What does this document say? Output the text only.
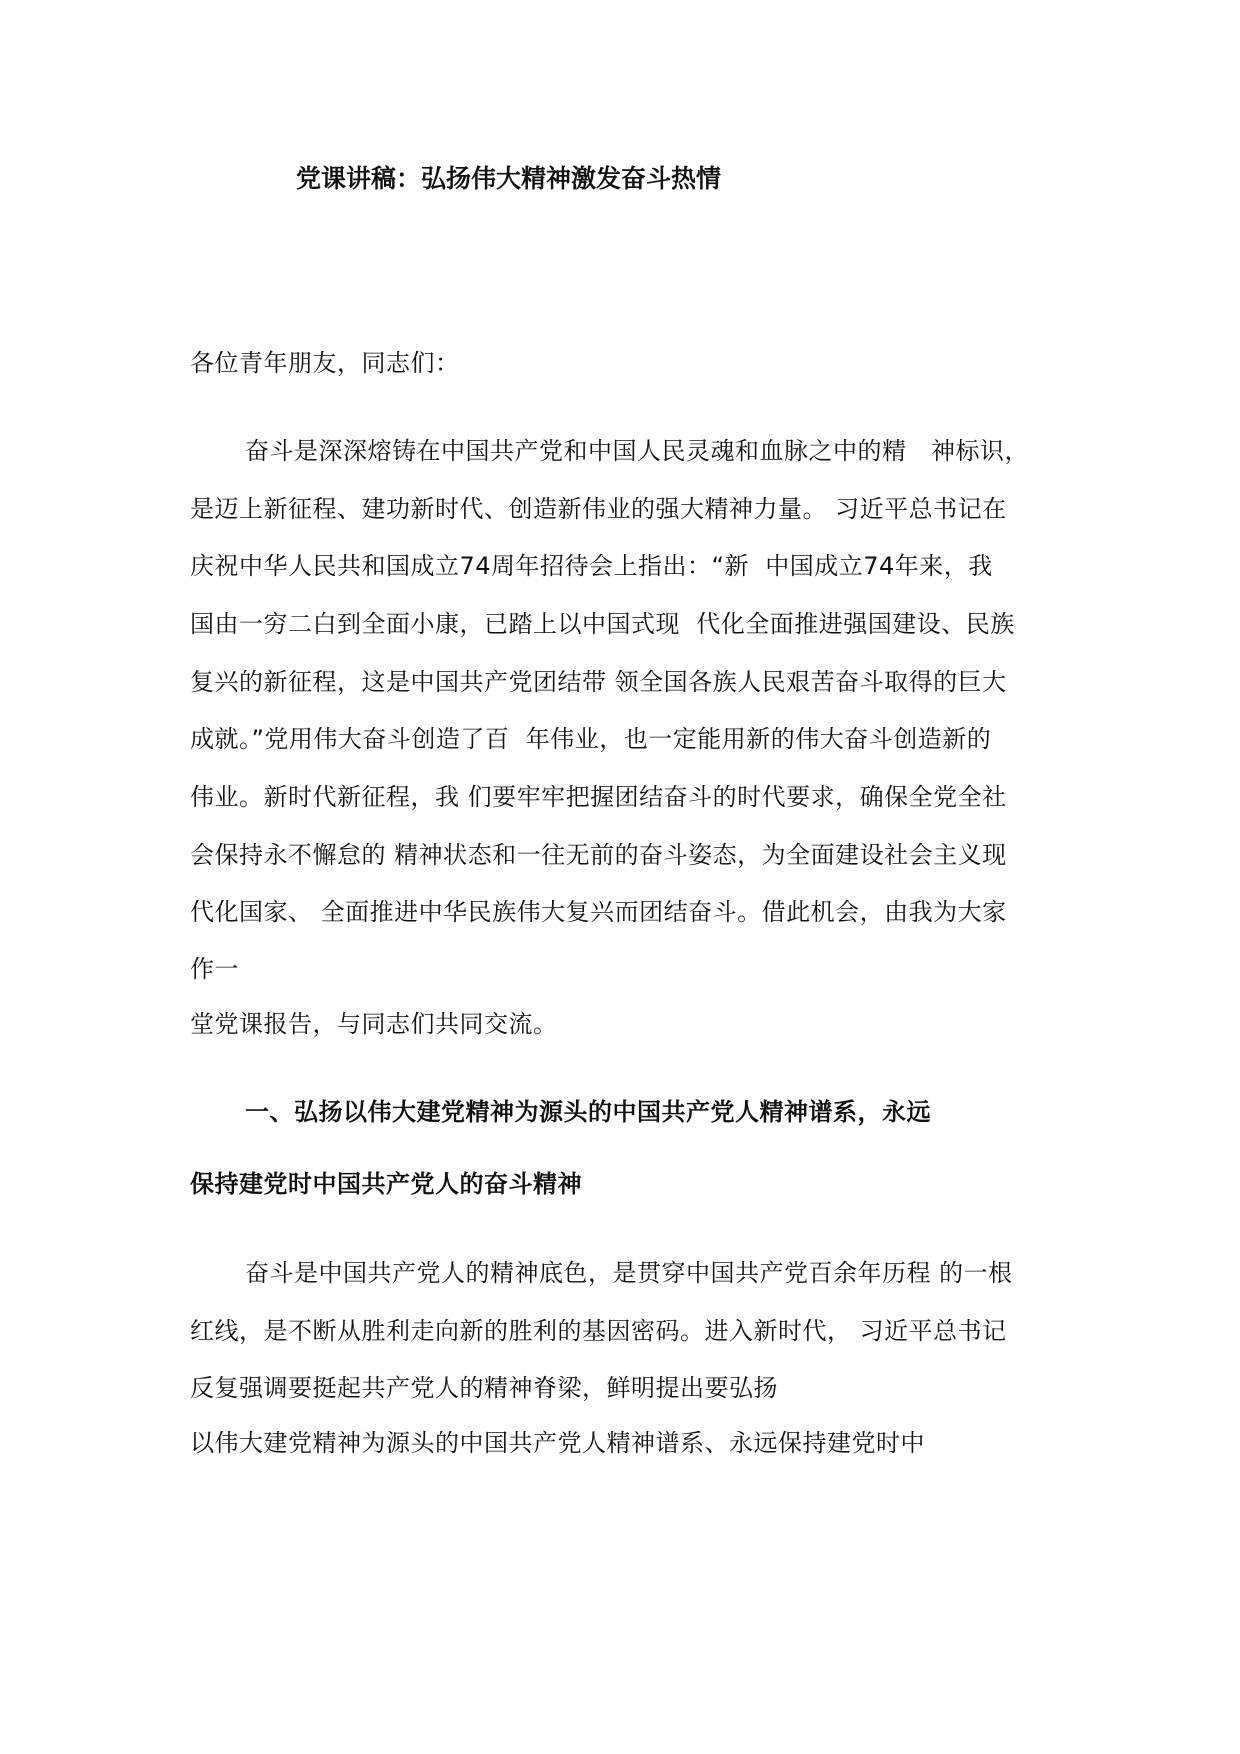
党课讲稿：弘扬伟大精神激发奋斗热情
各位青年朋友，同志们：
奋斗是深深熔铸在中国共产党和中国人民灵魂和血脉之中的精　神标识，
是迈上新征程、建功新时代、创造新伟业的强大精神力量。 习近平总书记在
庆祝中华人民共和国成立74周年招待会上指出：“新  中国成立74年来，我
国由一穷二白到全面小康，已踏上以中国式现  代化全面推进强国建设、民族
复兴的新征程，这是中国共产党团结带 领全国各族人民艰苦奋斗取得的巨大
成就。”党用伟大奋斗创造了百  年伟业，也一定能用新的伟大奋斗创造新的
伟业。新时代新征程，我 们要牢牢把握团结奋斗的时代要求，确保全党全社
会保持永不懈怠的 精神状态和一往无前的奋斗姿态，为全面建设社会主义现
代化国家、 全面推进中华民族伟大复兴而团结奋斗。借此机会，由我为大家
作一
堂党课报告，与同志们共同交流。
一、弘扬以伟大建党精神为源头的中国共产党人精神谱系，永远
保持建党时中国共产党人的奋斗精神
奋斗是中国共产党人的精神底色，是贯穿中国共产党百余年历程 的一根
红线，是不断从胜利走向新的胜利的基因密码。进入新时代， 习近平总书记
反复强调要挺起共产党人的精神脊梁，鲜明提出要弘扬
以伟大建党精神为源头的中国共产党人精神谱系、永远保持建党时中
